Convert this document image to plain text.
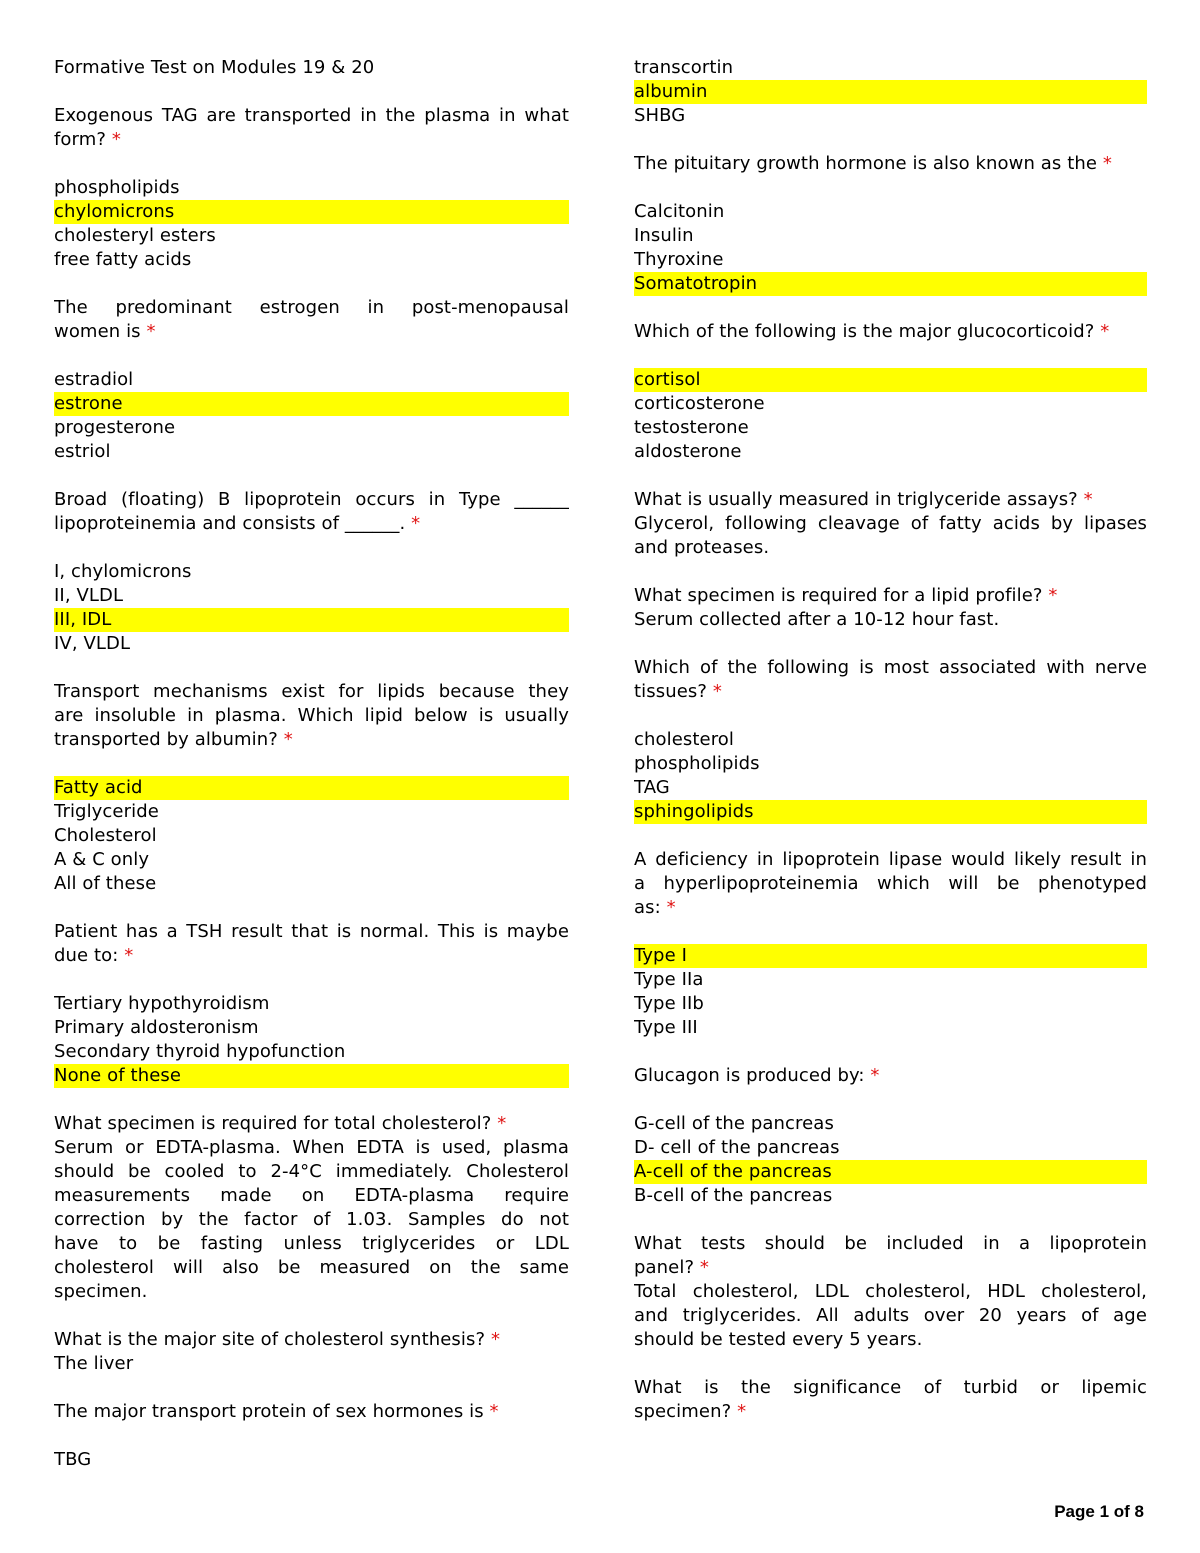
Formative Test on Modules 19 & 20
Exogenous TAG are transported in the plasma in what
form? *
phospholipids
chylomicrons
cholesteryl esters
free fatty acids
The predominant estrogen in post-menopausal
women is *
estradiol
estrone
progesterone
estriol
Broad (floating) B lipoprotein occurs in Type ______
lipoproteinemia and consists of ______. *
I, chylomicrons
II, VLDL
III, IDL
IV, VLDL
Transport mechanisms exist for lipids because they
are insoluble in plasma. Which lipid below is usually
transported by albumin? *
Fatty acid
Triglyceride
Cholesterol
A & C only
All of these
Patient has a TSH result that is normal. This is maybe
due to: *
Tertiary hypothyroidism
Primary aldosteronism
Secondary thyroid hypofunction
None of these
What specimen is required for total cholesterol? *
Serum or EDTA-plasma. When EDTA is used, plasma
should be cooled to 2-4°C immediately. Cholesterol
measurements made on EDTA-plasma require
correction by the factor of 1.03. Samples do not
have to be fasting unless triglycerides or LDL
cholesterol will also be measured on the same
specimen.
What is the major site of cholesterol synthesis? *
The liver
The major transport protein of sex hormones is *
TBG
transcortin
albumin
SHBG
The pituitary growth hormone is also known as the *
Calcitonin
Insulin
Thyroxine
Somatotropin
Which of the following is the major glucocorticoid? *
cortisol
corticosterone
testosterone
aldosterone
What is usually measured in triglyceride assays? *
Glycerol, following cleavage of fatty acids by lipases
and proteases.
What specimen is required for a lipid profile? *
Serum collected after a 10-12 hour fast.
Which of the following is most associated with nerve
tissues? *
cholesterol
phospholipids
TAG
sphingolipids
A deficiency in lipoprotein lipase would likely result in
a hyperlipoproteinemia which will be phenotyped
as: *
Type I
Type IIa
Type IIb
Type III
Glucagon is produced by: *
G-cell of the pancreas
D- cell of the pancreas
A-cell of the pancreas
B-cell of the pancreas
What tests should be included in a lipoprotein
panel? *
Total cholesterol, LDL cholesterol, HDL cholesterol,
and triglycerides. All adults over 20 years of age
should be tested every 5 years.
What is the significance of turbid or lipemic
specimen? *
Page 1 of 8
